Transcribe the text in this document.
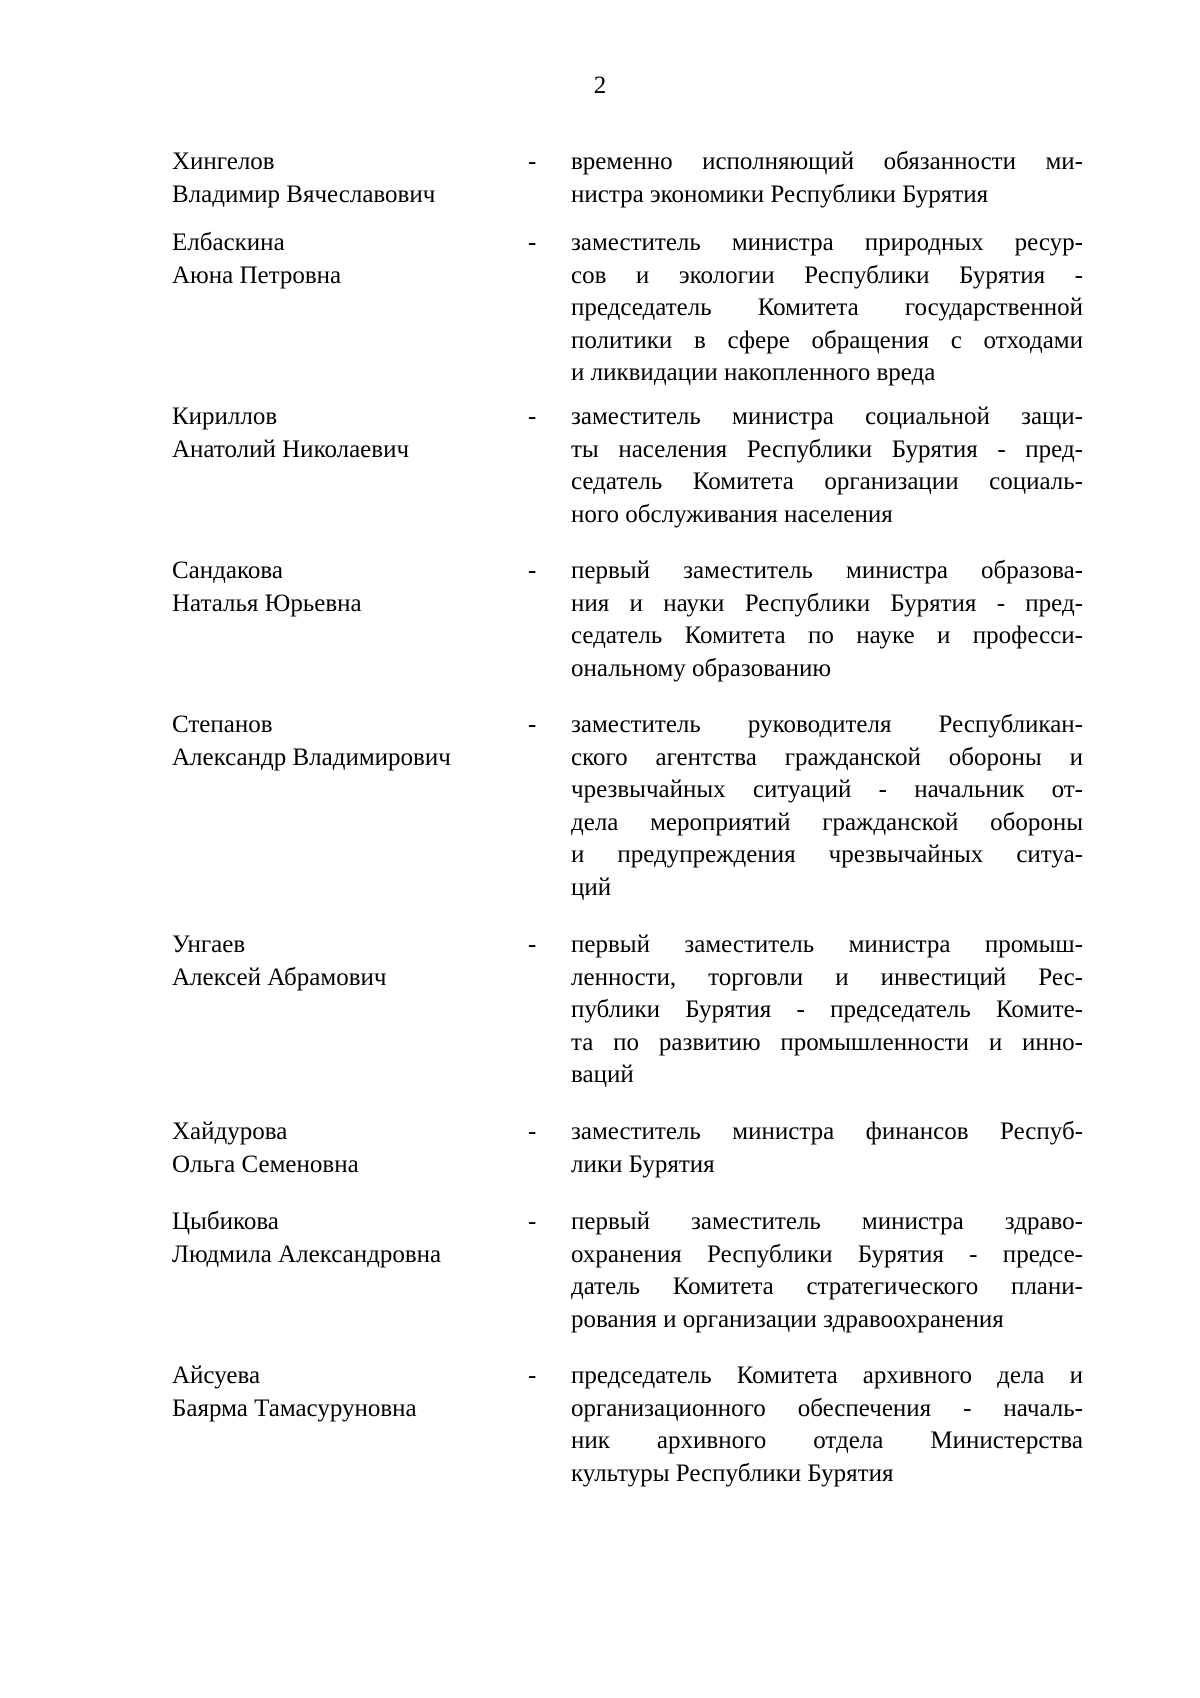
2
Хингелов
Владимир Вячеславович
- временно исполняющий обязанности ми-
нистра экономики Республики Бурятия
Елбаскина
Аюна Петровна
- заместитель министра природных ресур-
сов и экологии Республики Бурятия -
председатель Комитета государственной
политики в сфере обращения с отходами
и ликвидации накопленного вреда
Кириллов
Анатолий Николаевич
- заместитель министра социальной защи-
ты населения Республики Бурятия - пред-
седатель Комитета организации социаль-
ного обслуживания населения
Сандакова
Наталья Юрьевна
- первый заместитель министра образова-
ния и науки Республики Бурятия - пред-
седатель Комитета по науке и професси-
ональному образованию
Степанов
Александр Владимирович
- заместитель руководителя Республикан-
ского агентства гражданской обороны и
чрезвычайных ситуаций - начальник от-
дела мероприятий гражданской обороны
и предупреждения чрезвычайных ситуа-
ций
Унгаев
Алексей Абрамович
- первый заместитель министра промыш-
ленности, торговли и инвестиций Рес-
публики Бурятия - председатель Комите-
та по развитию промышленности и инно-
ваций
Хайдурова
Ольга Семеновна
- заместитель министра финансов Респуб-
лики Бурятия
Цыбикова
Людмила Александровна
- первый заместитель министра здраво-
охранения Республики Бурятия - предсе-
датель Комитета стратегического плани-
рования и организации здравоохранения
Айсуева
Баярма Тамасуруновна
- председатель Комитета архивного дела и
организационного обеспечения - началь-
ник архивного отдела Министерства
культуры Республики Бурятия
